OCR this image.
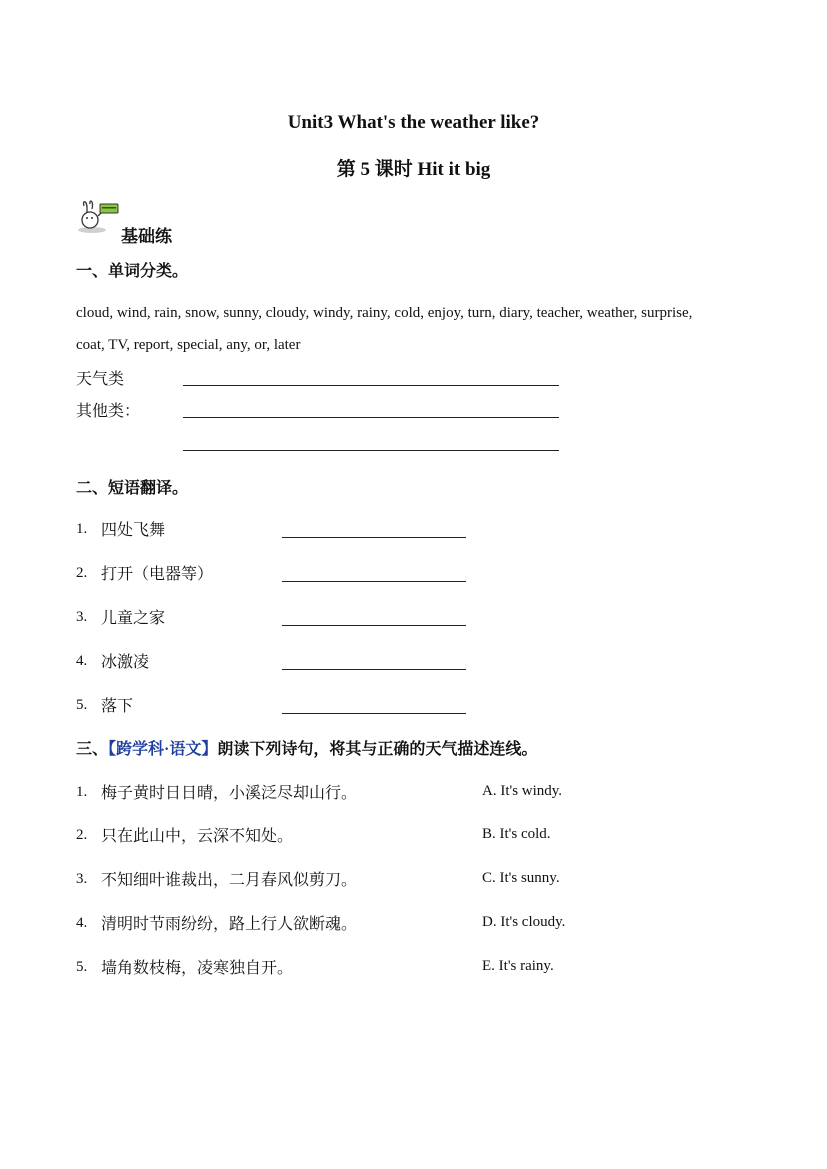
Unit3 What's the weather like?
第 5 课时 Hit it big
基础练
一、单词分类。
cloud, wind, rain, snow, sunny, cloudy, windy, rainy, cold, enjoy, turn, diary, teacher, weather, surprise,
coat, TV, report, special, any, or, later
天气类
其他类：
二、短语翻译。
1. 四处飞舞
2. 打开（电器等）
3. 儿童之家
4. 冰激凌
5. 落下
三、【跨学科·语文】朗读下列诗句，将其与正确的天气描述连线。
1. 梅子黄时日日晴，小溪泛尽却山行。	A. It's windy.
2. 只在此山中，云深不知处。	B. It's cold.
3. 不知细叶谁裁出，二月春风似剪刀。	C. It's sunny.
4. 清明时节雨纷纷，路上行人欲断魂。	D. It's cloudy.
5. 墙角数枝梅，凌寒独自开。	E. It's rainy.
